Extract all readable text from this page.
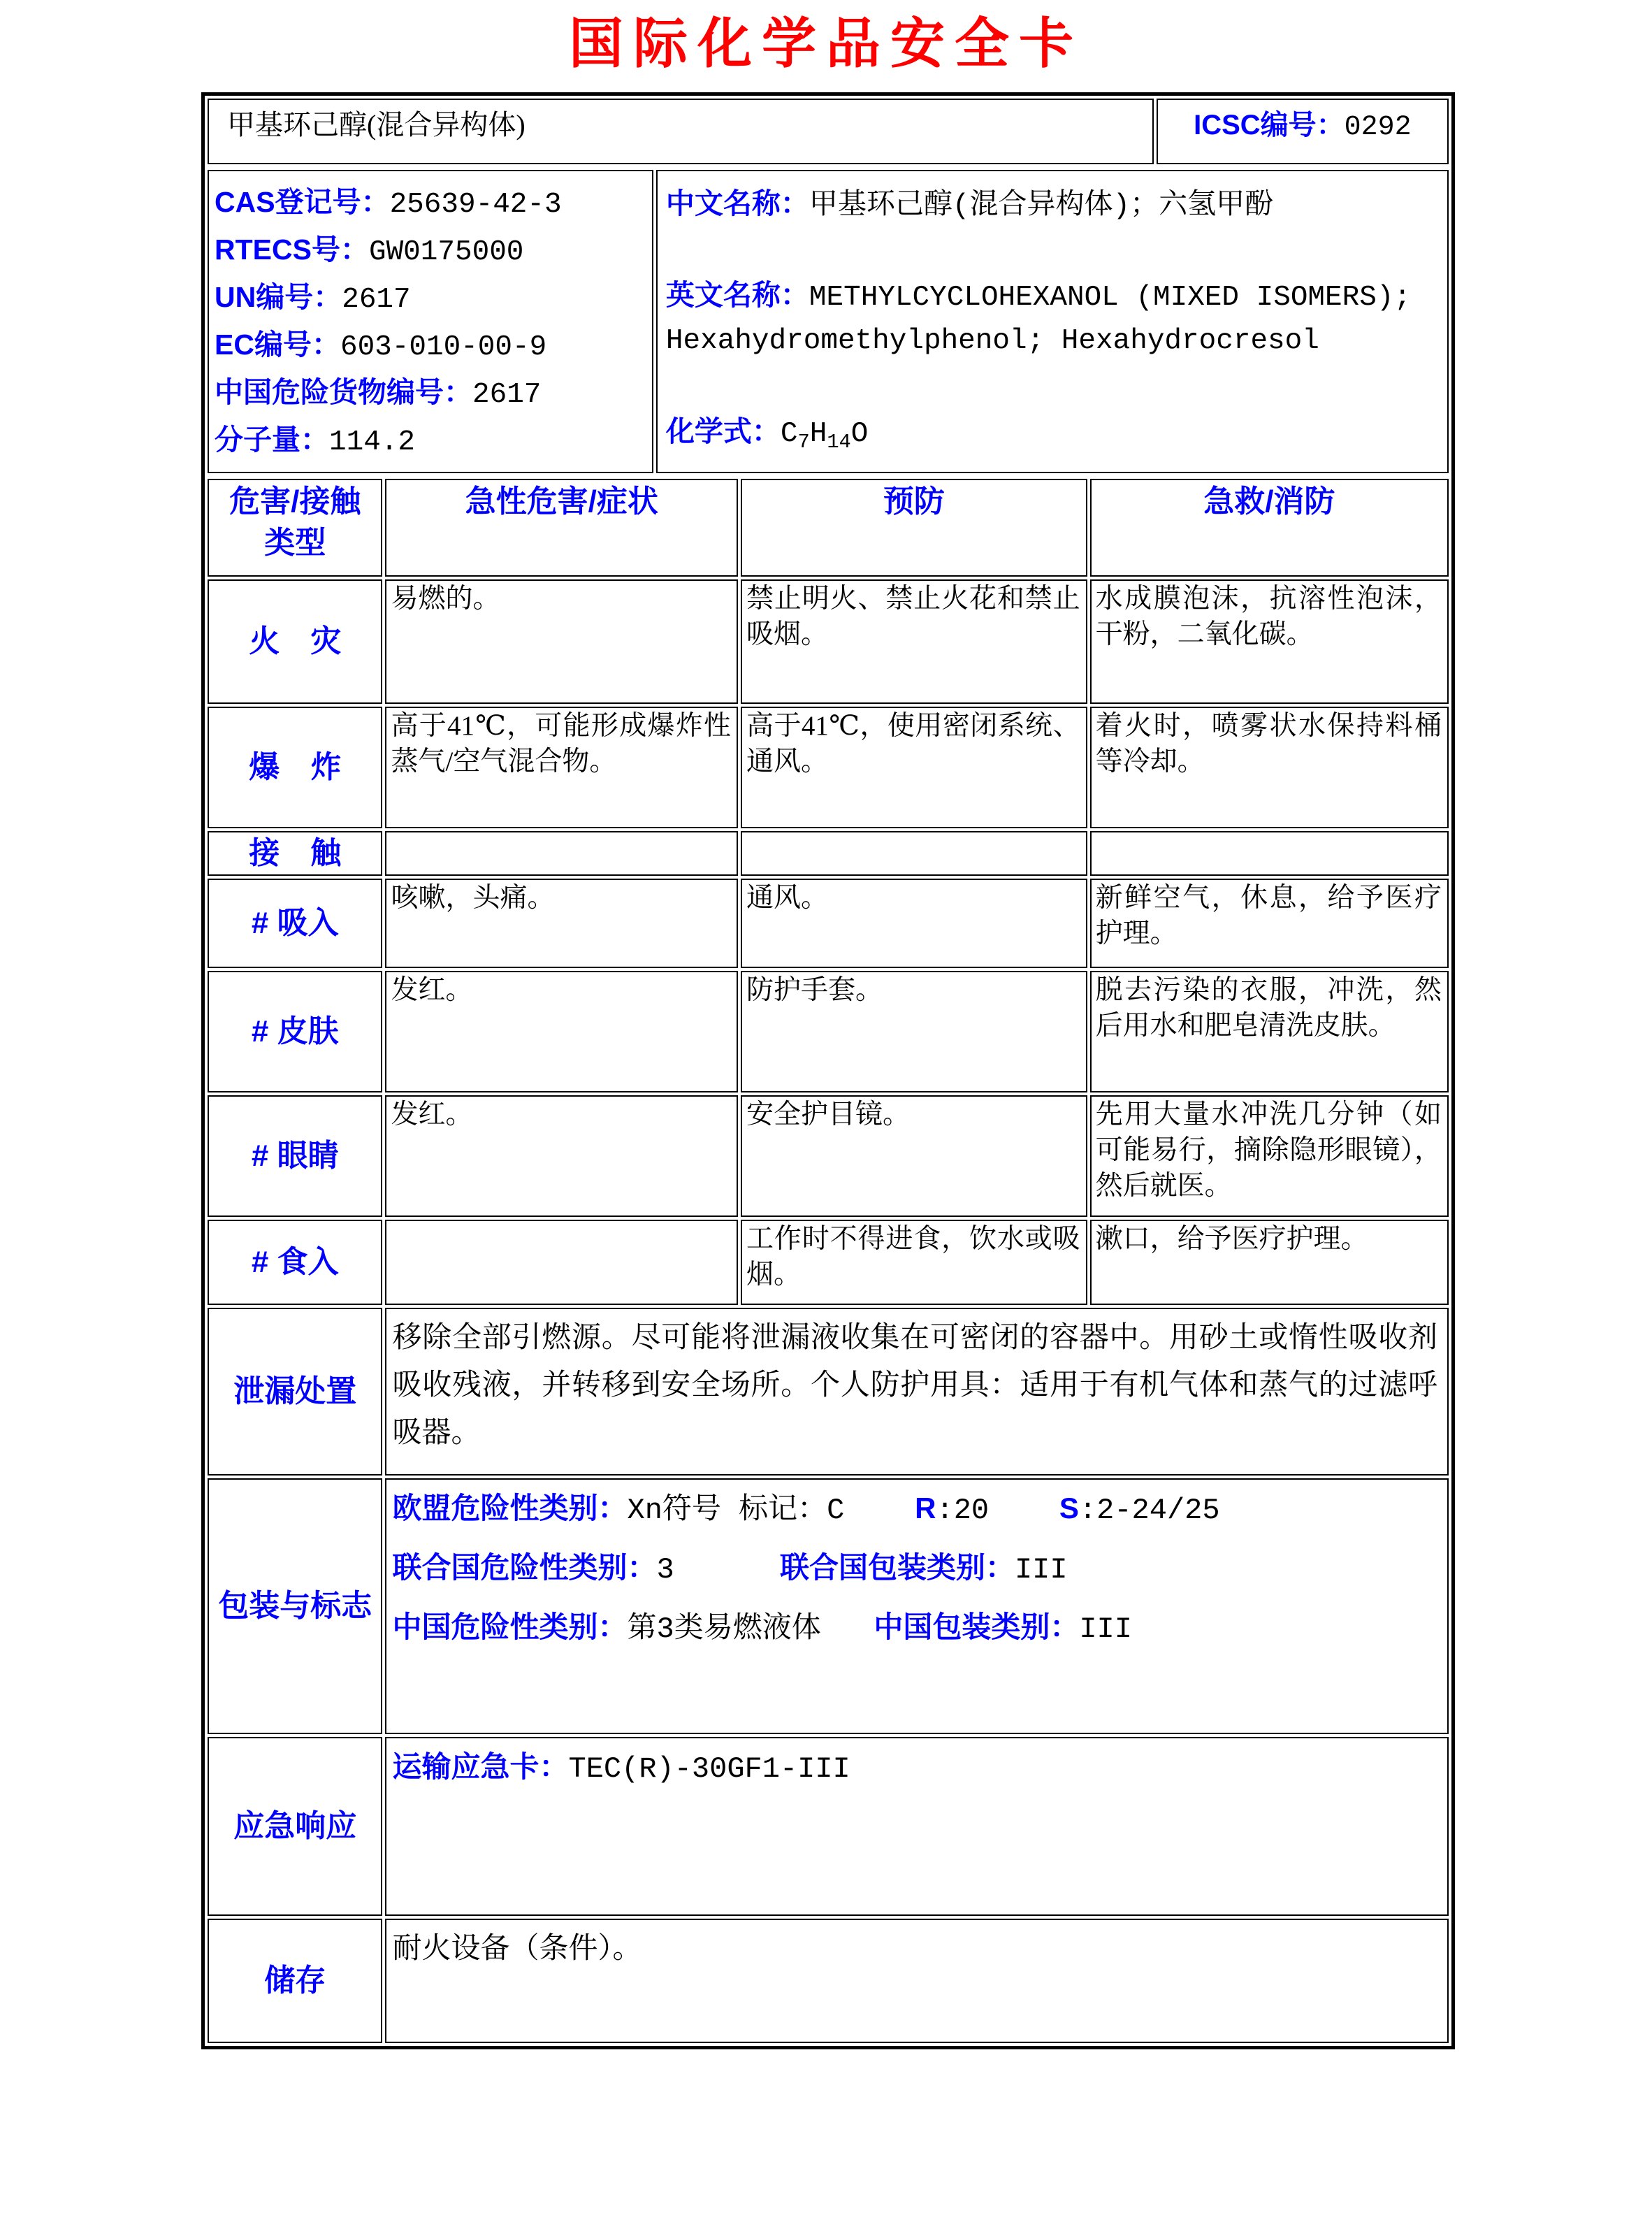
国际化学品安全卡
甲基环己醇(混合异构体)	ICSC编号：0292
CAS登记号：25639-42-3
RTECS号：GW0175000
UN编号：2617
EC编号：603-010-00-9
中国危险货物编号：2617
分子量：114.2

中文名称：甲基环己醇(混合异构体)；六氢甲酚
英文名称：METHYLCYCLOHEXANOL (MIXED ISOMERS); Hexahydromethylphenol; Hexahydrocresol
化学式：$C_7H_{14}O$
危害/接触
类型	急性危害/症状	预防	急救/消防
火　灾	易燃的。	禁止明火、禁止火花和禁止吸烟。	水成膜泡沫，抗溶性泡沫，干粉，二氧化碳。
爆　炸	高于41℃，可能形成爆炸性蒸气/空气混合物。	高于41℃，使用密闭系统、通风。	着火时，喷雾状水保持料桶等冷却。
接　触			
# 吸入	咳嗽，头痛。	通风。	新鲜空气，休息，给予医疗护理。
# 皮肤	发红。	防护手套。	脱去污染的衣服，冲洗，然后用水和肥皂清洗皮肤。
# 眼睛	发红。	安全护目镜。	先用大量水冲洗几分钟（如可能易行，摘除隐形眼镜），然后就医。
# 食入		工作时不得进食，饮水或吸烟。	漱口，给予医疗护理。
泄漏处置	移除全部引燃源。尽可能将泄漏液收集在可密闭的容器中。用砂土或惰性吸收剂吸收残液，并转移到安全场所。个人防护用具：适用于有机气体和蒸气的过滤呼吸器。		

包装与标志	欧盟危险性类别：Xn符号 标记：C    R:20    S:2-24/25
联合国危险性类别：3      联合国包装类别：III
中国危险性类别：第3类易燃液体   中国包装类别：III		

应急响应	运输应急卡：TEC(R)-30GF1-III		

储存	耐火设备（条件）。		
